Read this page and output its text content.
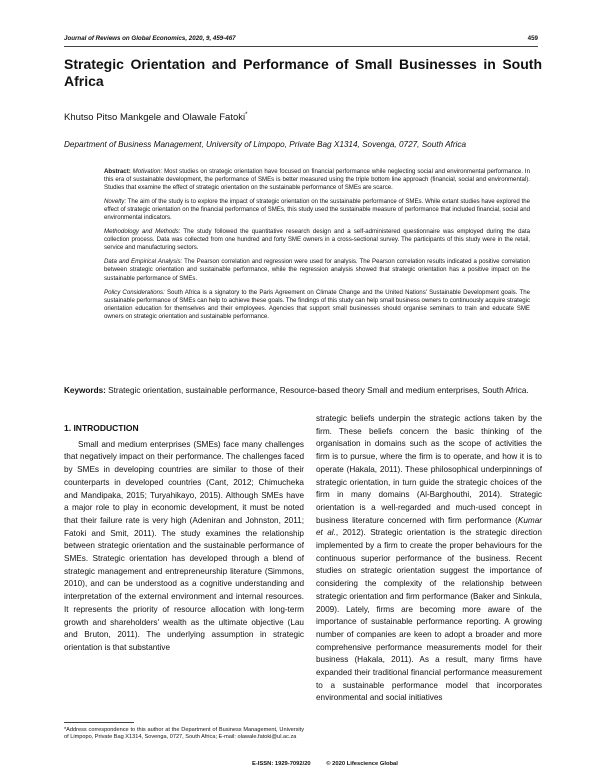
Journal of Reviews on Global Economics, 2020, 9, 459-467	459
Strategic Orientation and Performance of Small Businesses in South Africa
Khutso Pitso Mankgele and Olawale Fatoki*
Department of Business Management, University of Limpopo, Private Bag X1314, Sovenga, 0727, South Africa

Abstract: Motivation: Most studies on strategic orientation have focused on financial performance while neglecting social and environmental performance. In this era of sustainable development, the performance of SMEs is better measured using the triple bottom line approach (financial, social and environmental). Studies that examine the effect of strategic orientation on the sustainable performance of SMEs are scarce.

Novelty: The aim of the study is to explore the impact of strategic orientation on the sustainable performance of SMEs. While extant studies have explored the effect of strategic orientation on the financial performance of SMEs, this study used the sustainable measure of performance that included financial, social and environmental indicators.

Methodology and Methods: The study followed the quantitative research design and a self-administered questionnaire was employed during the data collection process. Data was collected from one hundred and forty SME owners in a cross-sectional survey. The participants of this study were in the retail, service and manufacturing sectors.

Data and Empirical Analysis: The Pearson correlation and regression were used for analysis. The Pearson correlation results indicated a positive correlation between strategic orientation and sustainable performance, while the regression analysis showed that strategic orientation has a positive impact on the sustainable performance of SMEs.

Policy Considerations: South Africa is a signatory to the Paris Agreement on Climate Change and the United Nations' Sustainable Development goals. The sustainable performance of SMEs can help to achieve these goals. The findings of this study can help small business owners to continuously acquire strategic orientation education for themselves and their employees. Agencies that support small businesses should organise seminars to train and educate SME owners on strategic orientation and sustainable performance.

Keywords: Strategic orientation, sustainable performance, Resource-based theory Small and medium enterprises, South Africa.
1. INTRODUCTION

Small and medium enterprises (SMEs) face many challenges that negatively impact on their performance. The challenges faced by SMEs in developing countries are similar to those of their counterparts in developed countries (Cant, 2012; Chimucheka and Mandipaka, 2015; Turyahikayo, 2015). Although SMEs have a major role to play in economic development, it must be noted that their failure rate is very high (Adeniran and Johnston, 2011; Fatoki and Smit, 2011). The study examines the relationship between strategic orientation and the sustainable performance of SMEs. Strategic orientation has developed through a blend of strategic management and entrepreneurship literature (Simmons, 2010), and can be understood as a cognitive understanding and interpretation of the external environment and internal resources. It represents the priority of resource allocation with long-term growth and shareholders' wealth as the ultimate objective (Lau and Bruton, 2011). The underlying assumption in strategic orientation is that substantive

strategic beliefs underpin the strategic actions taken by the firm. These beliefs concern the basic thinking of the organisation in domains such as the scope of activities the firm is to pursue, where the firm is to operate, and how it is to operate (Hakala, 2011). These philosophical underpinnings of strategic orientation, in turn guide the strategic choices of the firm in many domains (Al-Barghouthi, 2014). Strategic orientation is a well-regarded and much-used concept in business literature concerned with firm performance (Kumar et al., 2012). Strategic orientation is the strategic direction implemented by a firm to create the proper behaviours for the continuous superior performance of the business. Recent studies on strategic orientation suggest the importance of considering the complexity of the relationship between strategic orientation and firm performance (Baker and Sinkula, 2009). Lately, firms are becoming more aware of the importance of sustainable performance reporting. A growing number of companies are keen to adopt a broader and more comprehensive performance measurements model for their business (Hakala, 2011). As a result, many firms have expanded their traditional financial performance measurement to a sustainable performance model that incorporates environmental and social initiatives

*Address correspondence to this author at the Department of Business Management, University of Limpopo, Private Bag X1314, Sovenga, 0727, South Africa; E-mail: olawale.fatoki@ul.ac.za
E-ISSN: 1929-7092/20	© 2020 Lifescience Global
